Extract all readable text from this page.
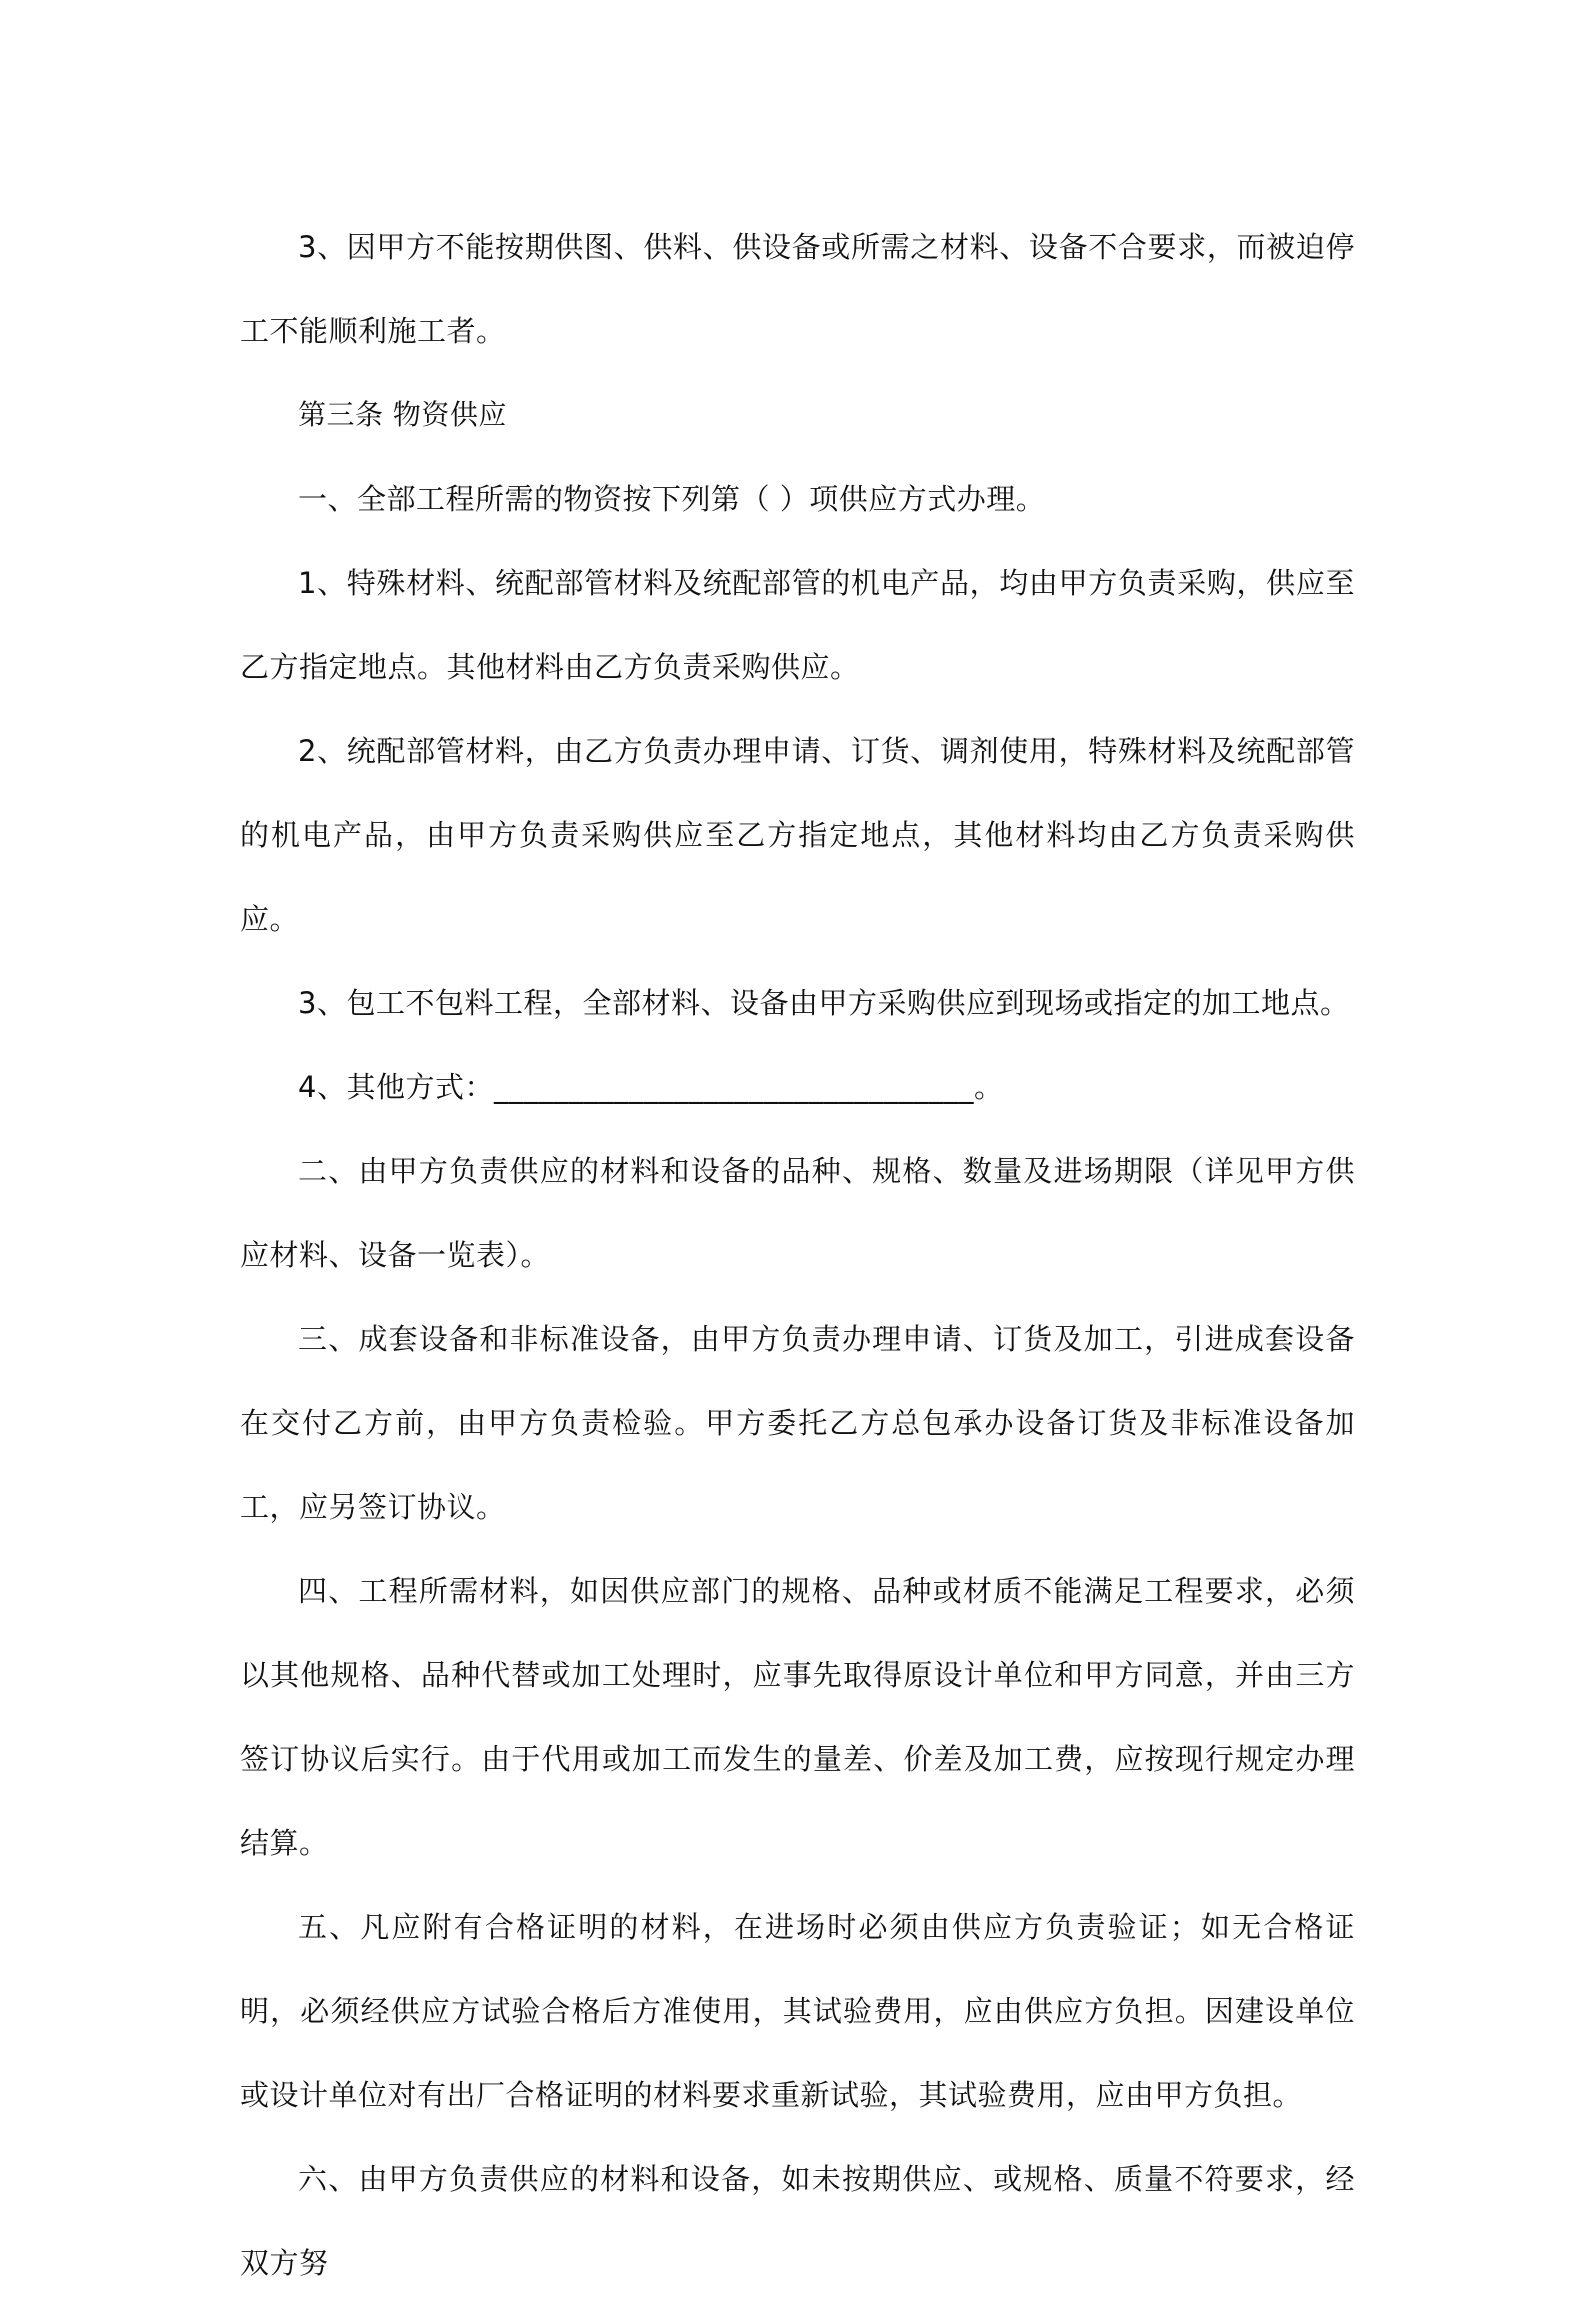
3、因甲方不能按期供图、供料、供设备或所需之材料、设备不合要求，而被迫停工不能顺利施工者。

第三条 物资供应

一、全部工程所需的物资按下列第（ ）项供应方式办理。

1、特殊材料、统配部管材料及统配部管的机电产品，均由甲方负责采购，供应至乙方指定地点。其他材料由乙方负责采购供应。

2、统配部管材料，由乙方负责办理申请、订货、调剂使用，特殊材料及统配部管的机电产品，由甲方负责采购供应至乙方指定地点，其他材料均由乙方负责采购供应。

3、包工不包料工程，全部材料、设备由甲方采购供应到现场或指定的加工地点。

4、其他方式：________________________________。

二、由甲方负责供应的材料和设备的品种、规格、数量及进场期限（详见甲方供应材料、设备一览表）。

三、成套设备和非标准设备，由甲方负责办理申请、订货及加工，引进成套设备在交付乙方前，由甲方负责检验。甲方委托乙方总包承办设备订货及非标准设备加工，应另签订协议。

四、工程所需材料，如因供应部门的规格、品种或材质不能满足工程要求，必须以其他规格、品种代替或加工处理时，应事先取得原设计单位和甲方同意，并由三方签订协议后实行。由于代用或加工而发生的量差、价差及加工费，应按现行规定办理结算。

五、凡应附有合格证明的材料，在进场时必须由供应方负责验证；如无合格证明，必须经供应方试验合格后方准使用，其试验费用，应由供应方负担。因建设单位或设计单位对有出厂合格证明的材料要求重新试验，其试验费用，应由甲方负担。

六、由甲方负责供应的材料和设备，如未按期供应、或规格、质量不符要求，经双方努
